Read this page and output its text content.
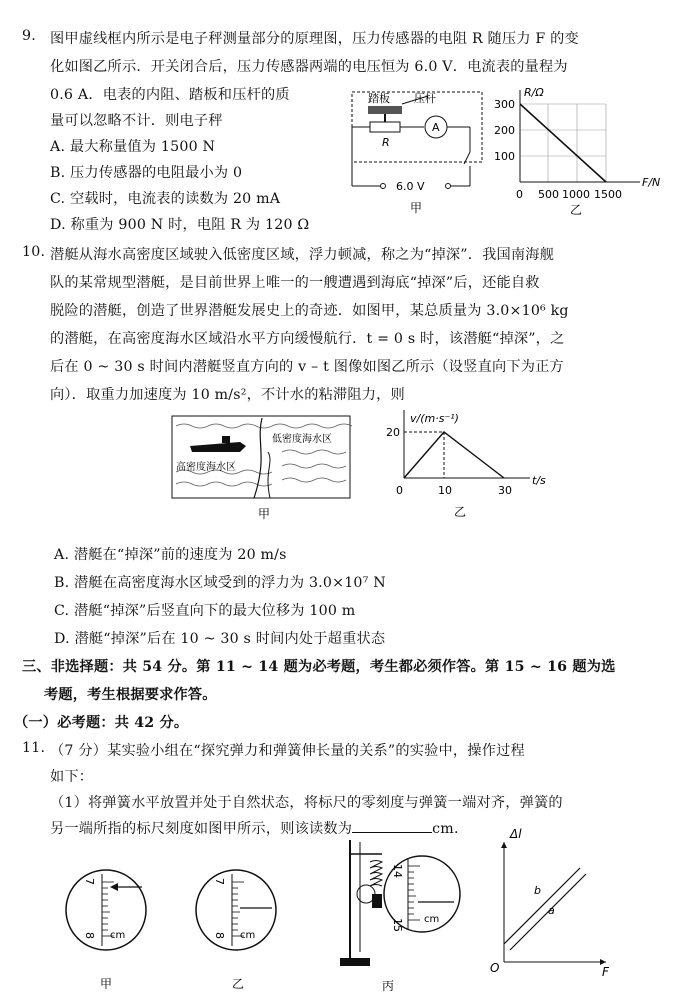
9. 图甲虚线框内所示是电子秤测量部分的原理图，压力传感器的电阻 R 随压力 F 的变
化如图乙所示．开关闭合后，压力传感器两端的电压恒为 6.0 V．电流表的量程为
0.6 A．电表的内阻、踏板和压杆的质
量可以忽略不计．则电子秤
A. 最大称量值为 1500 N
B. 压力传感器的电阻最小为 0
C. 空载时，电流表的读数为 20 mA
D. 称重为 900 N 时，电阻 R 为 120 Ω
踏板 压杆
R
A
6.0 V
甲
R/Ω
F/N
300
200
100
0 500 1000 1500
乙
10. 潜艇从海水高密度区域驶入低密度区域，浮力顿减，称之为“掉深”．我国南海舰
队的某常规型潜艇，是目前世界上唯一的一艘遭遇到海底“掉深”后，还能自救
脱险的潜艇，创造了世界潜艇发展史上的奇迹．如图甲，某总质量为 3.0×10⁶ kg
的潜艇，在高密度海水区域沿水平方向缓慢航行．t = 0 s 时，该潜艇“掉深”，之
后在 0 ~ 30 s 时间内潜艇竖直方向的 v – t 图像如图乙所示（设竖直向下为正方
向）．取重力加速度为 10 m/s²，不计水的粘滞阻力，则
低密度海水区
高密度海水区
甲
v/(m·s⁻¹)
t/s
20
0	10	30
乙
A. 潜艇在“掉深”前的速度为 20 m/s
B. 潜艇在高密度海水区域受到的浮力为 3.0×10⁷ N
C. 潜艇“掉深”后竖直向下的最大位移为 100 m
D. 潜艇“掉深”后在 10 ~ 30 s 时间内处于超重状态
三、非选择题：共 54 分。第 11 ~ 14 题为必考题，考生都必须作答。第 15 ~ 16 题为选
考题，考生根据要求作答。
（一）必考题：共 42 分。
11. （7 分）某实验小组在“探究弹力和弹簧伸长量的关系”的实验中，操作过程
如下：
（1）将弹簧水平放置并处于自然状态，将标尺的零刻度与弹簧一端对齐，弹簧的
另一端所指的标尺刻度如图甲所示，则该读数为	cm.
7
8 cm
甲
7
8 cm
乙
14
15 cm
丙
Δl
F
O
b
a
